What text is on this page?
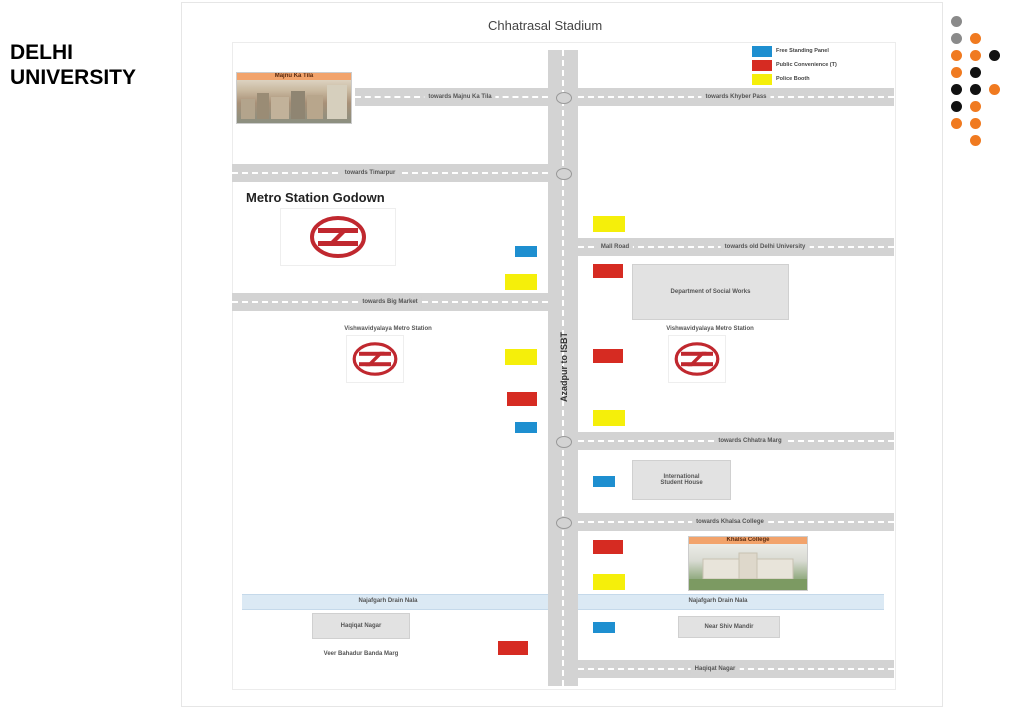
DELHI
UNIVERSITY
Chhatrasal Stadium
Free Standing Panel
Public Convenience (T)
Police Booth
Azadpur to ISBT
towards Majnu Ka Tila	towards Khyber Pass
towards Timarpur
Mall Road	towards old Delhi University
towards Big Market
towards Chhatra Marg
towards Khalsa College
Haqiqat Nagar
Najafgarh Drain Nala	Najafgarh Drain Nala
Majnu Ka Tila
Metro Station Godown
Vishwavidyalaya Metro Station	Vishwavidyalaya Metro Station
Department of Social Works
International
Student House
Khalsa College
Haqiqat Nagar
Veer Bahadur Banda Marg
Near Shiv Mandir
